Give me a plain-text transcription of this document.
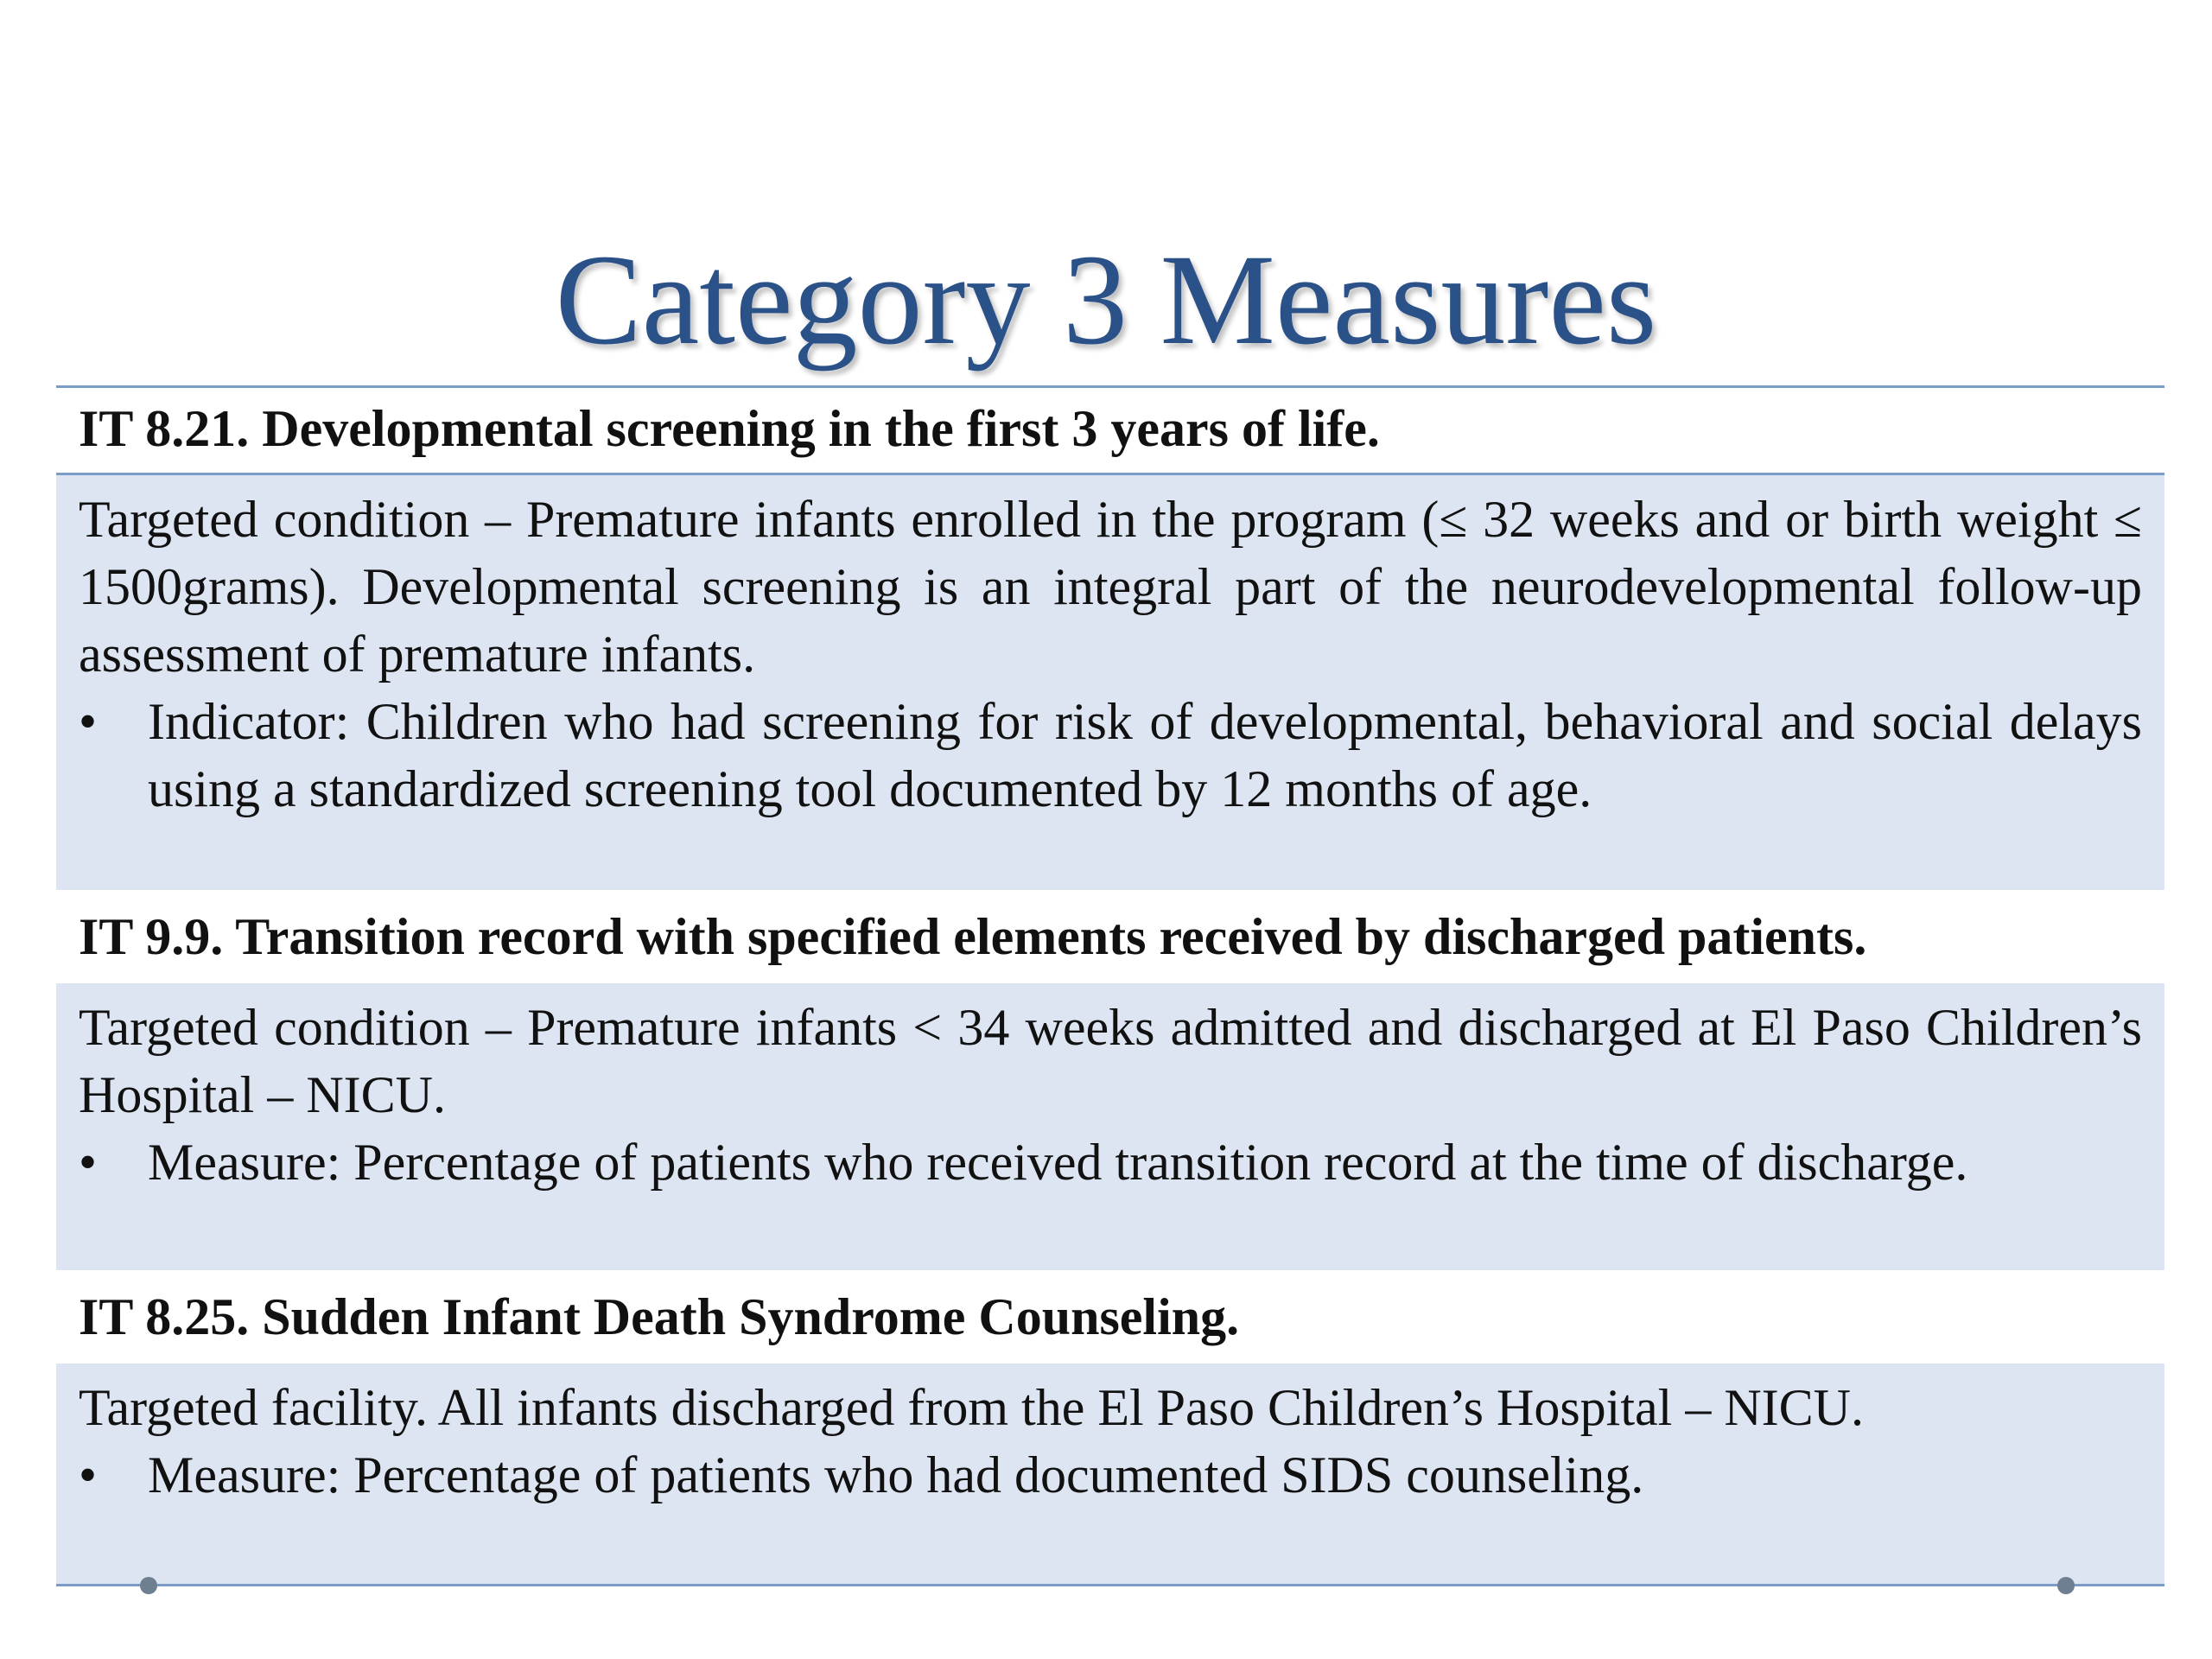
Category 3 Measures
IT 8.21. Developmental screening in the first 3 years of life.

Targeted condition – Premature infants enrolled in the program (≤ 32 weeks and or birth weight ≤ 1500grams). Developmental screening is an integral part of the neurodevelopmental follow-up assessment of premature infants.

• Indicator: Children who had screening for risk of developmental, behavioral and social delays using a standardized screening tool documented by 12 months of age.
IT 9.9. Transition record with specified elements received by discharged patients.

Targeted condition – Premature infants < 34 weeks admitted and discharged at El Paso Children’s Hospital – NICU.

• Measure: Percentage of patients who received transition record at the time of discharge.
IT 8.25. Sudden Infant Death Syndrome Counseling.

Targeted facility. All infants discharged from the El Paso Children’s Hospital – NICU.

• Measure: Percentage of patients who had documented SIDS counseling.
